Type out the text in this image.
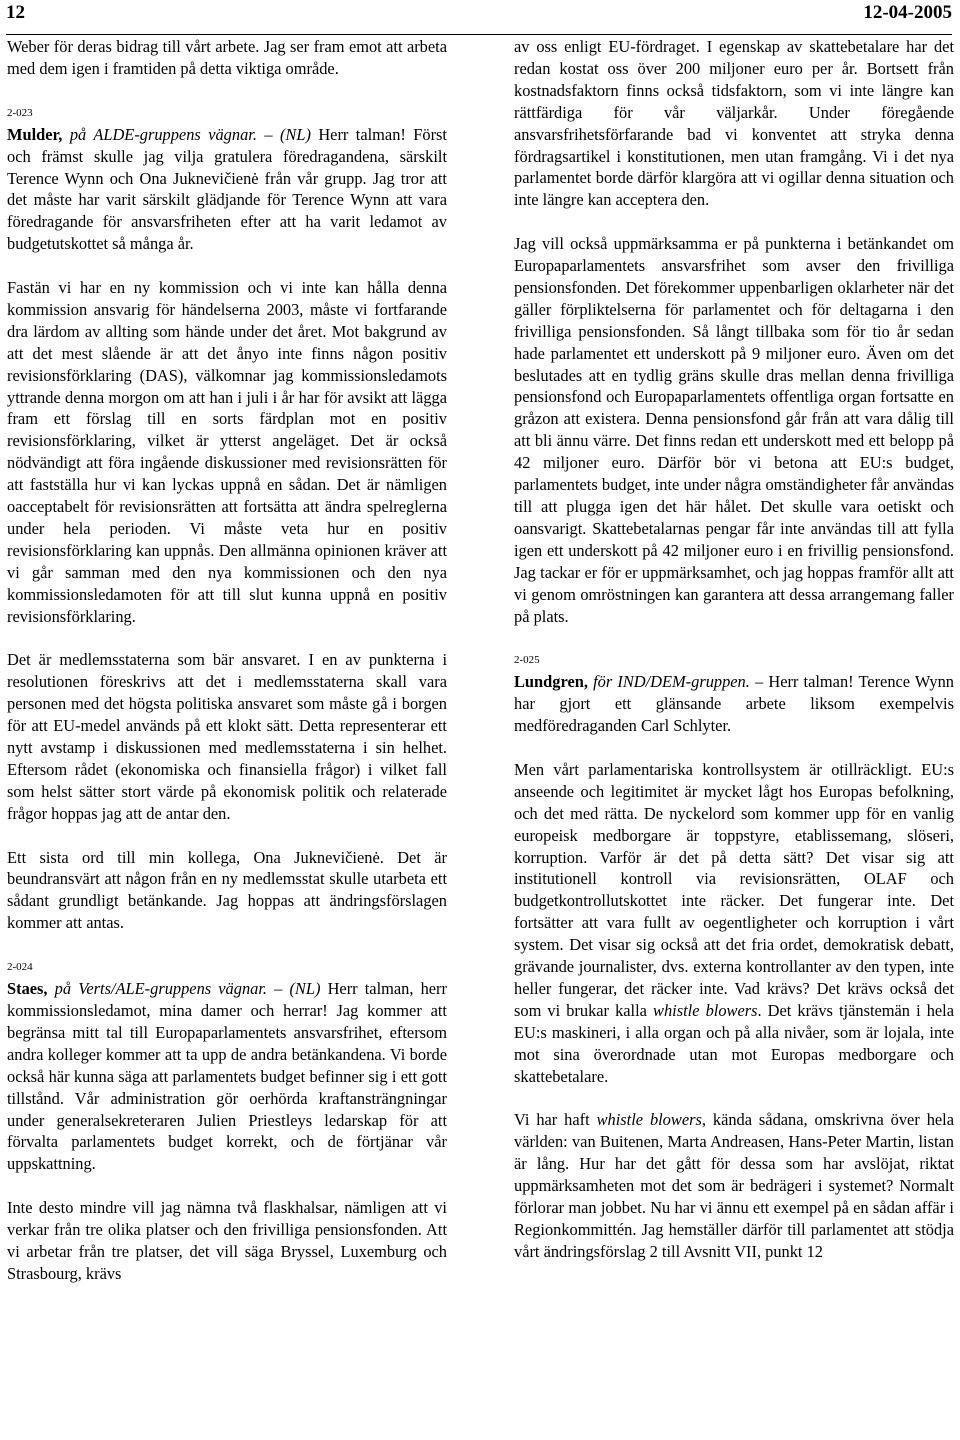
12	12-04-2005

Weber för deras bidrag till vårt arbete. Jag ser fram emot att arbeta med dem igen i framtiden på detta viktiga område.

2-023

Mulder, på ALDE-gruppens vägnar. – (NL) Herr talman! Först och främst skulle jag vilja gratulera föredragandena, särskilt Terence Wynn och Ona Juknevičienė från vår grupp. Jag tror att det måste har varit särskilt glädjande för Terence Wynn att vara föredragande för ansvarsfriheten efter att ha varit ledamot av budgetutskottet så många år.

Fastän vi har en ny kommission och vi inte kan hålla denna kommission ansvarig för händelserna 2003, måste vi fortfarande dra lärdom av allting som hände under det året. Mot bakgrund av att det mest slående är att det ånyo inte finns någon positiv revisionsförklaring (DAS), välkomnar jag kommissionsledamots yttrande denna morgon om att han i juli i år har för avsikt att lägga fram ett förslag till en sorts färdplan mot en positiv revisionsförklaring, vilket är ytterst angeläget. Det är också nödvändigt att föra ingående diskussioner med revisionsrätten för att fastställa hur vi kan lyckas uppnå en sådan. Det är nämligen oacceptabelt för revisionsrätten att fortsätta att ändra spelreglerna under hela perioden. Vi måste veta hur en positiv revisionsförklaring kan uppnås. Den allmänna opinionen kräver att vi går samman med den nya kommissionen och den nya kommissionsledamoten för att till slut kunna uppnå en positiv revisionsförklaring.

Det är medlemsstaterna som bär ansvaret. I en av punkterna i resolutionen föreskrivs att det i medlemsstaterna skall vara personen med det högsta politiska ansvaret som måste gå i borgen för att EU-medel används på ett klokt sätt. Detta representerar ett nytt avstamp i diskussionen med medlemsstaterna i sin helhet. Eftersom rådet (ekonomiska och finansiella frågor) i vilket fall som helst sätter stort värde på ekonomisk politik och relaterade frågor hoppas jag att de antar den.

Ett sista ord till min kollega, Ona Juknevičienė. Det är beundransvärt att någon från en ny medlemsstat skulle utarbeta ett sådant grundligt betänkande. Jag hoppas att ändringsförslagen kommer att antas.

2-024

Staes, på Verts/ALE-gruppens vägnar. – (NL) Herr talman, herr kommissionsledamot, mina damer och herrar! Jag kommer att begränsa mitt tal till Europaparlamentets ansvarsfrihet, eftersom andra kolleger kommer att ta upp de andra betänkandena. Vi borde också här kunna säga att parlamentets budget befinner sig i ett gott tillstånd. Vår administration gör oerhörda kraftansträngningar under generalsekreteraren Julien Priestleys ledarskap för att förvalta parlamentets budget korrekt, och de förtjänar vår uppskattning.

Inte desto mindre vill jag nämna två flaskhalsar, nämligen att vi verkar från tre olika platser och den frivilliga pensionsfonden. Att vi arbetar från tre platser, det vill säga Bryssel, Luxemburg och Strasbourg, krävs

av oss enligt EU-fördraget. I egenskap av skattebetalare har det redan kostat oss över 200 miljoner euro per år. Bortsett från kostnadsfaktorn finns också tidsfaktorn, som vi inte längre kan rättfärdiga för vår väljarkår. Under föregående ansvarsfrihetsförfarande bad vi konventet att stryka denna fördragsartikel i konstitutionen, men utan framgång. Vi i det nya parlamentet borde därför klargöra att vi ogillar denna situation och inte längre kan acceptera den.

Jag vill också uppmärksamma er på punkterna i betänkandet om Europaparlamentets ansvarsfrihet som avser den frivilliga pensionsfonden. Det förekommer uppenbarligen oklarheter när det gäller förpliktelserna för parlamentet och för deltagarna i den frivilliga pensionsfonden. Så långt tillbaka som för tio år sedan hade parlamentet ett underskott på 9 miljoner euro. Även om det beslutades att en tydlig gräns skulle dras mellan denna frivilliga pensionsfond och Europaparlamentets offentliga organ fortsatte en gråzon att existera. Denna pensionsfond går från att vara dålig till att bli ännu värre. Det finns redan ett underskott med ett belopp på 42 miljoner euro. Därför bör vi betona att EU:s budget, parlamentets budget, inte under några omständigheter får användas till att plugga igen det här hålet. Det skulle vara oetiskt och oansvarigt. Skattebetalarnas pengar får inte användas till att fylla igen ett underskott på 42 miljoner euro i en frivillig pensionsfond. Jag tackar er för er uppmärksamhet, och jag hoppas framför allt att vi genom omröstningen kan garantera att dessa arrangemang faller på plats.

2-025

Lundgren, för IND/DEM-gruppen. – Herr talman! Terence Wynn har gjort ett glänsande arbete liksom exempelvis medföredraganden Carl Schlyter.

Men vårt parlamentariska kontrollsystem är otillräckligt. EU:s anseende och legitimitet är mycket lågt hos Europas befolkning, och det med rätta. De nyckelord som kommer upp för en vanlig europeisk medborgare är toppstyre, etablissemang, slöseri, korruption. Varför är det på detta sätt? Det visar sig att institutionell kontroll via revisionsrätten, OLAF och budgetkontrollutskottet inte räcker. Det fungerar inte. Det fortsätter att vara fullt av oegentligheter och korruption i vårt system. Det visar sig också att det fria ordet, demokratisk debatt, grävande journalister, dvs. externa kontrollanter av den typen, inte heller fungerar, det räcker inte. Vad krävs? Det krävs också det som vi brukar kalla whistle blowers. Det krävs tjänstemän i hela EU:s maskineri, i alla organ och på alla nivåer, som är lojala, inte mot sina överordnade utan mot Europas medborgare och skattebetalare.

Vi har haft whistle blowers, kända sådana, omskrivna över hela världen: van Buitenen, Marta Andreasen, Hans-Peter Martin, listan är lång. Hur har det gått för dessa som har avslöjat, riktat uppmärksamheten mot det som är bedrägeri i systemet? Normalt förlorar man jobbet. Nu har vi ännu ett exempel på en sådan affär i Regionkommittén. Jag hemställer därför till parlamentet att stödja vårt ändringsförslag 2 till Avsnitt VII, punkt 12
